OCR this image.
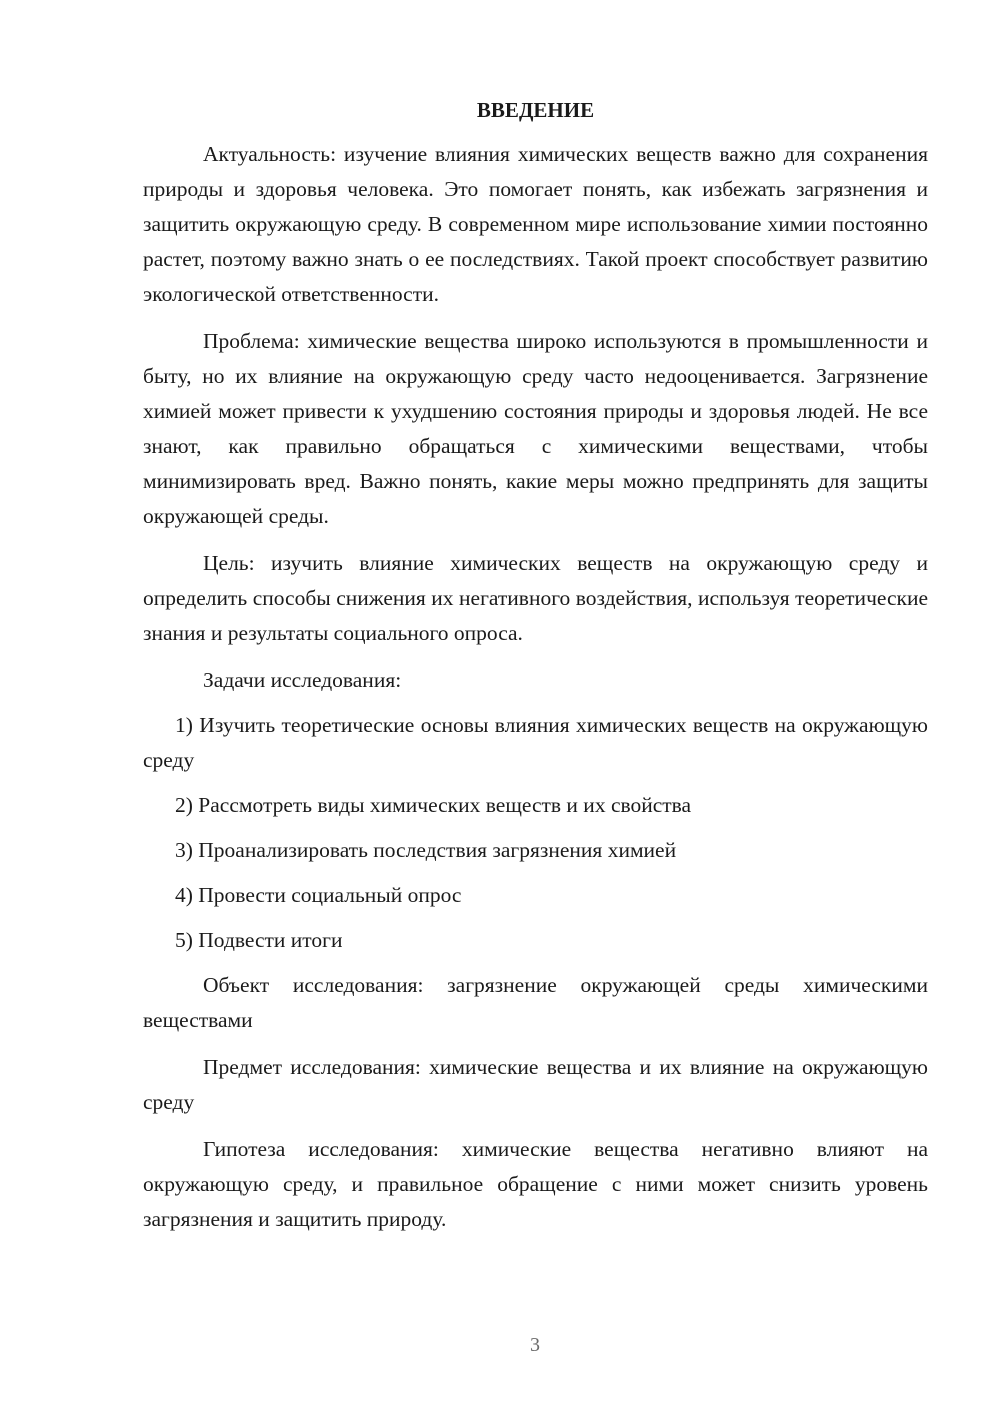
ВВЕДЕНИЕ

Актуальность: изучение влияния химических веществ важно для сохранения природы и здоровья человека. Это помогает понять, как избежать загрязнения и защитить окружающую среду. В современном мире использование химии постоянно растет, поэтому важно знать о ее последствиях. Такой проект способствует развитию экологической ответственности.

Проблема: химические вещества широко используются в промышленности и быту, но их влияние на окружающую среду часто недооценивается. Загрязнение химией может привести к ухудшению состояния природы и здоровья людей. Не все знают, как правильно обращаться с химическими веществами, чтобы минимизировать вред. Важно понять, какие меры можно предпринять для защиты окружающей среды.

Цель: изучить влияние химических веществ на окружающую среду и определить способы снижения их негативного воздействия, используя теоретические знания и результаты социального опроса.

Задачи исследования:

1) Изучить теоретические основы влияния химических веществ на окружающую среду
2) Рассмотреть виды химических веществ и их свойства
3) Проанализировать последствия загрязнения химией
4) Провести социальный опрос
5) Подвести итоги

Объект исследования: загрязнение окружающей среды химическими веществами

Предмет исследования: химические вещества и их влияние на окружающую среду

Гипотеза исследования: химические вещества негативно влияют на окружающую среду, и правильное обращение с ними может снизить уровень загрязнения и защитить природу.

3
